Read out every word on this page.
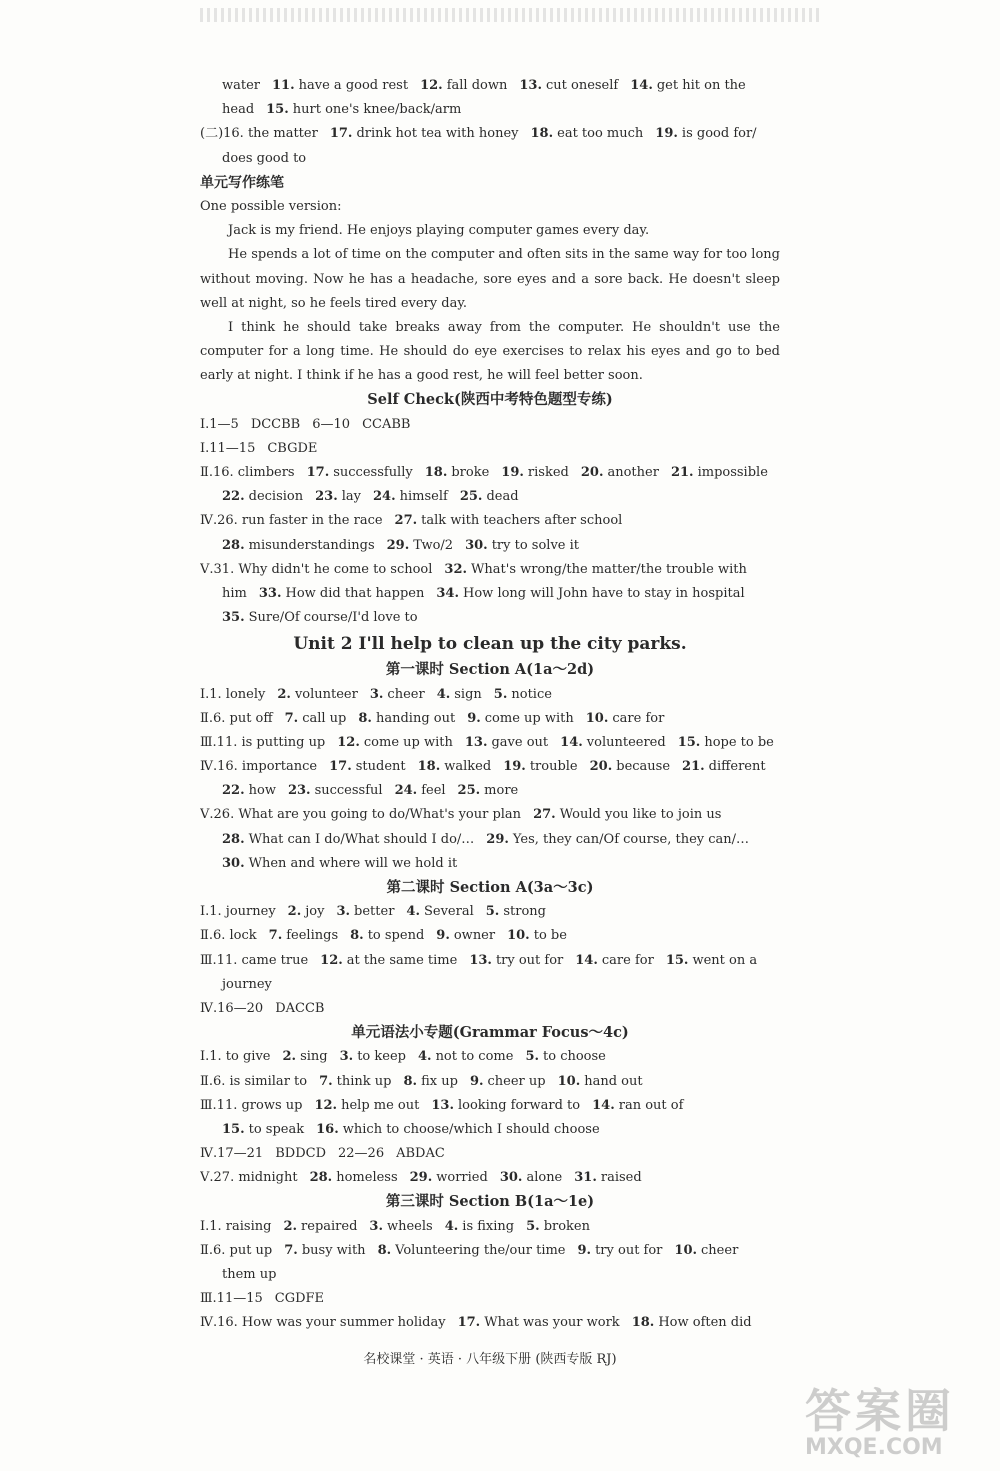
water 11. have a good rest 12. fall down 13. cut oneself 14. get hit on the
head 15. hurt one's knee/back/arm
(二)16. the matter 17. drink hot tea with honey 18. eat too much 19. is good for/
does good to
单元写作练笔
One possible version:
Jack is my friend. He enjoys playing computer games every day.
He spends a lot of time on the computer and often sits in the same way for too long
without moving. Now he has a headache, sore eyes and a sore back. He doesn't sleep
well at night, so he feels tired every day.
I think he should take breaks away from the computer. He shouldn't use the
computer for a long time. He should do eye exercises to relax his eyes and go to bed
early at night. I think if he has a good rest, he will feel better soon.
Self Check(陕西中考特色题型专练)
Ⅰ.1—5 DCCBB 6—10 CCABB
Ⅰ.11—15 CBGDE
Ⅱ.16. climbers 17. successfully 18. broke 19. risked 20. another 21. impossible
22. decision 23. lay 24. himself 25. dead
Ⅳ.26. run faster in the race 27. talk with teachers after school
28. misunderstandings 29. Two/2 30. try to solve it
Ⅴ.31. Why didn't he come to school 32. What's wrong/the matter/the trouble with
him 33. How did that happen 34. How long will John have to stay in hospital
35. Sure/Of course/I'd love to
Unit 2 I'll help to clean up the city parks.
第一课时 Section A(1a～2d)
Ⅰ.1. lonely 2. volunteer 3. cheer 4. sign 5. notice
Ⅱ.6. put off 7. call up 8. handing out 9. come up with 10. care for
Ⅲ.11. is putting up 12. come up with 13. gave out 14. volunteered 15. hope to be
Ⅳ.16. importance 17. student 18. walked 19. trouble 20. because 21. different
22. how 23. successful 24. feel 25. more
Ⅴ.26. What are you going to do/What's your plan 27. Would you like to join us
28. What can I do/What should I do/… 29. Yes, they can/Of course, they can/…
30. When and where will we hold it
第二课时 Section A(3a～3c)
Ⅰ.1. journey 2. joy 3. better 4. Several 5. strong
Ⅱ.6. lock 7. feelings 8. to spend 9. owner 10. to be
Ⅲ.11. came true 12. at the same time 13. try out for 14. care for 15. went on a
journey
Ⅳ.16—20 DACCB
单元语法小专题(Grammar Focus～4c)
Ⅰ.1. to give 2. sing 3. to keep 4. not to come 5. to choose
Ⅱ.6. is similar to 7. think up 8. fix up 9. cheer up 10. hand out
Ⅲ.11. grows up 12. help me out 13. looking forward to 14. ran out of
15. to speak 16. which to choose/which I should choose
Ⅳ.17—21 BDDCD 22—26 ABDAC
Ⅴ.27. midnight 28. homeless 29. worried 30. alone 31. raised
第三课时 Section B(1a～1e)
Ⅰ.1. raising 2. repaired 3. wheels 4. is fixing 5. broken
Ⅱ.6. put up 7. busy with 8. Volunteering the/our time 9. try out for 10. cheer
them up
Ⅲ.11—15 CGDFE
Ⅳ.16. How was your summer holiday 17. What was your work 18. How often did
名校课堂 · 英语 · 八年级下册 (陕西专版 RJ)
答案圈
MXQE.COM
